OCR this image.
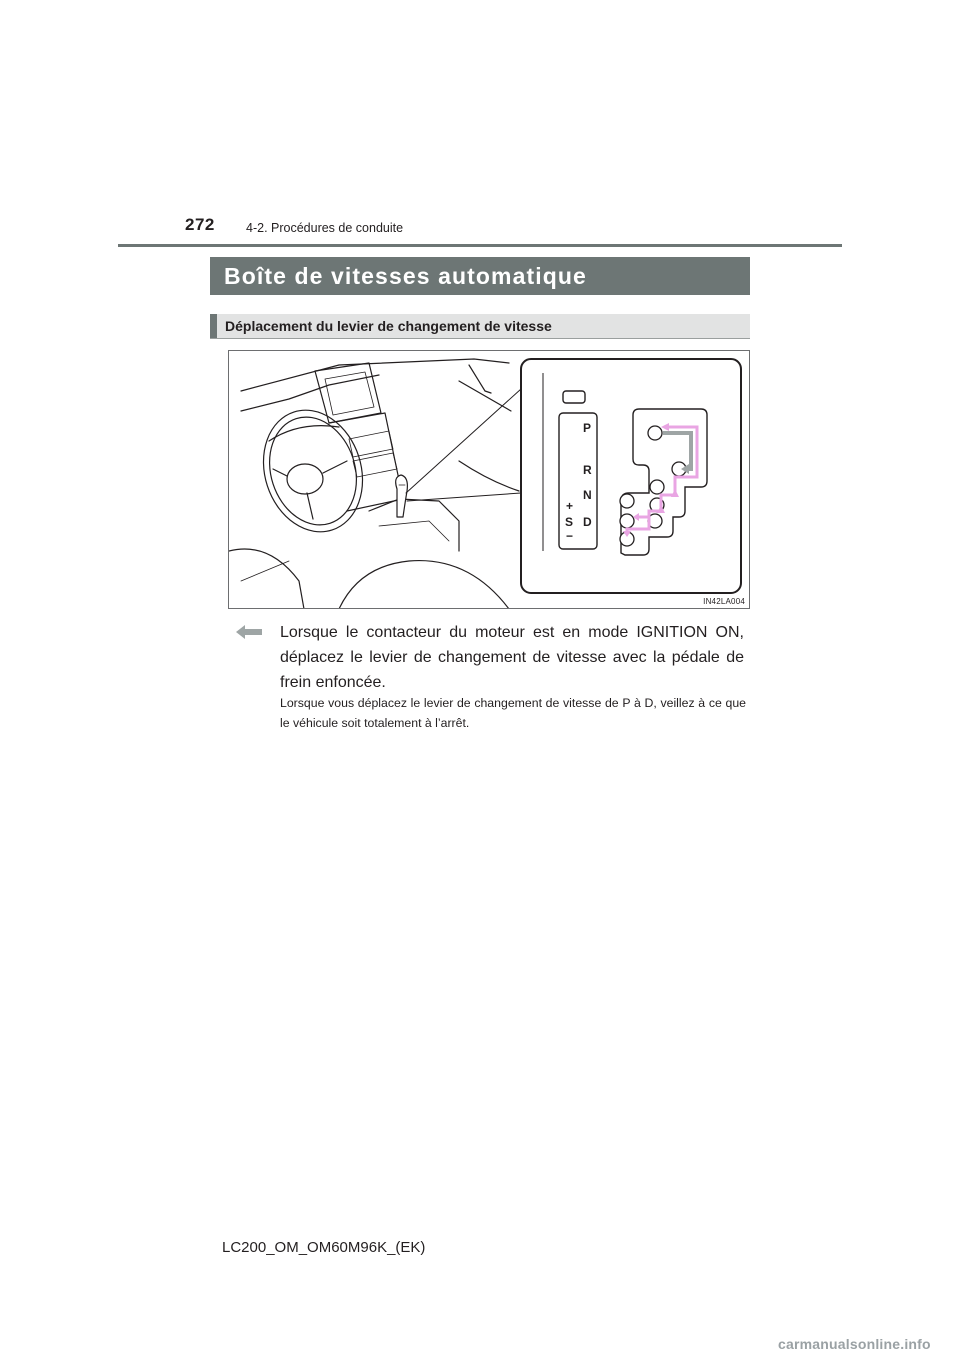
272 4-2. Procédures de conduite
Boîte de vitesses automatique
Déplacement du levier de changement de vitesse
P
R
N
D
S
+
−
IN42LA004
Lorsque le contacteur du moteur est en mode IGNITION ON, déplacez le levier de changement de vitesse avec la pédale de frein enfoncée.
Lorsque vous déplacez le levier de changement de vitesse de P à D, veillez à ce que le véhicule soit totalement à l’arrêt.
LC200_OM_OM60M96K_(EK)
carmanualsonline.info
